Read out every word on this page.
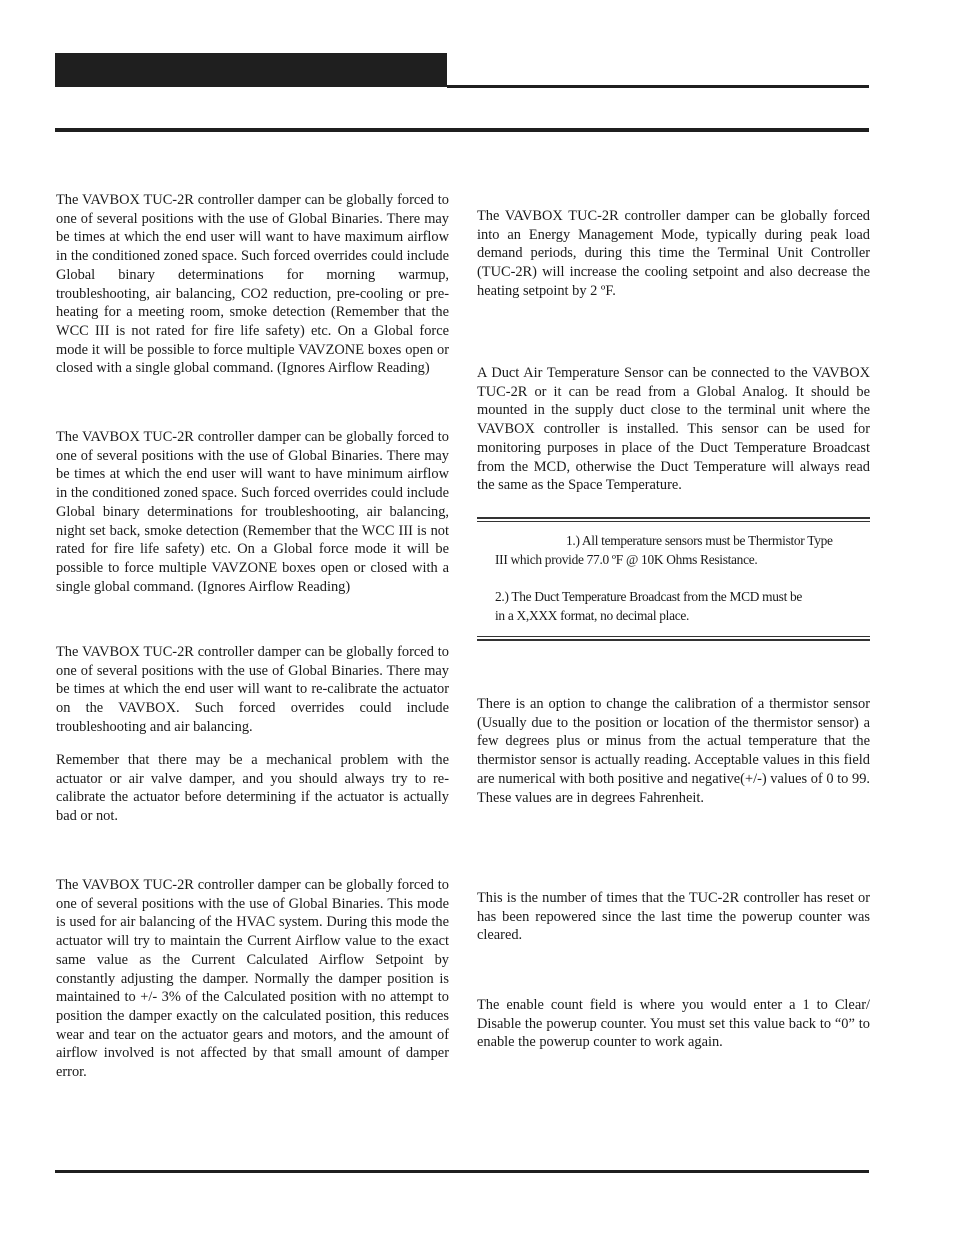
The VAVBOX TUC-2R controller damper can be globally forced to one of several positions with the use of Global Binaries. There may be times at which the end user will want to have maximum airflow in the conditioned zoned space. Such forced overrides could include Global binary determinations for morning warmup, troubleshooting, air balancing, CO2 reduction, pre-cooling or pre-heating for a meeting room, smoke detection (Remember that the WCC III is not rated for fire life safety) etc. On a Global force mode it will be possible to force multiple VAVZONE boxes open or closed with a single global command. (Ignores Airflow Reading)

The VAVBOX TUC-2R controller damper can be globally forced to one of several positions with the use of Global Binaries. There may be times at which the end user will want to have minimum airflow in the conditioned zoned space. Such forced overrides could include Global binary determinations for troubleshooting, air balancing, night set back, smoke detection (Remember that the WCC III is not rated for fire life safety) etc. On a Global force mode it will be possible to force multiple VAVZONE boxes open or closed with a single global command. (Ignores Airflow Reading)

The VAVBOX TUC-2R controller damper can be globally forced to one of several positions with the use of Global Binaries. There may be times at which the end user will want to re-calibrate the actuator on the VAVBOX. Such forced overrides could include troubleshooting and air balancing.

Remember that there may be a mechanical problem with the actuator or air valve damper, and you should always try to re-calibrate the actuator before determining if the actuator is actually bad or not.

The VAVBOX TUC-2R controller damper can be globally forced to one of several positions with the use of Global Binaries. This mode is used for air balancing of the HVAC system. During this mode the actuator will try to maintain the Current Airflow value to the exact same value as the Current Calculated Airflow Setpoint by constantly adjusting the damper. Normally the damper position is maintained to +/- 3% of the Calculated position with no attempt to position the damper exactly on the calculated position, this reduces wear and tear on the actuator gears and motors, and the amount of airflow involved is not affected by that small amount of damper error.

The VAVBOX TUC-2R controller damper can be globally forced into an Energy Management Mode, typically during peak load demand periods, during this time the Terminal Unit Controller (TUC-2R) will increase the cooling setpoint and also decrease the heating setpoint by 2 ºF.

A Duct Air Temperature Sensor can be connected to the VAVBOX TUC-2R or it can be read from a Global Analog. It should be mounted in the supply duct close to the terminal unit where the VAVBOX controller is installed. This sensor can be used for monitoring purposes in place of the Duct Temperature Broadcast from the MCD, otherwise the Duct Temperature will always read the same as the Space Temperature.

1.) All temperature sensors must be Thermistor Type

III which provide 77.0 ºF @ 10K Ohms Resistance.

2.) The Duct Temperature Broadcast from the MCD must be

in a X,XXX format, no decimal place.

There is an option to change the calibration of a thermistor sensor (Usually due to the position or location of the thermistor sensor) a few degrees plus or minus from the actual temperature that the thermistor sensor is actually reading. Acceptable values in this field are numerical with both positive and negative(+/-) values of 0 to 99. These values are in degrees Fahrenheit.

This is the number of times that the TUC-2R controller has reset or has been repowered since the last time the powerup counter was cleared.

The enable count field is where you would enter a 1 to Clear/ Disable the powerup counter. You must set this value back to “0” to enable the powerup counter to work again.
